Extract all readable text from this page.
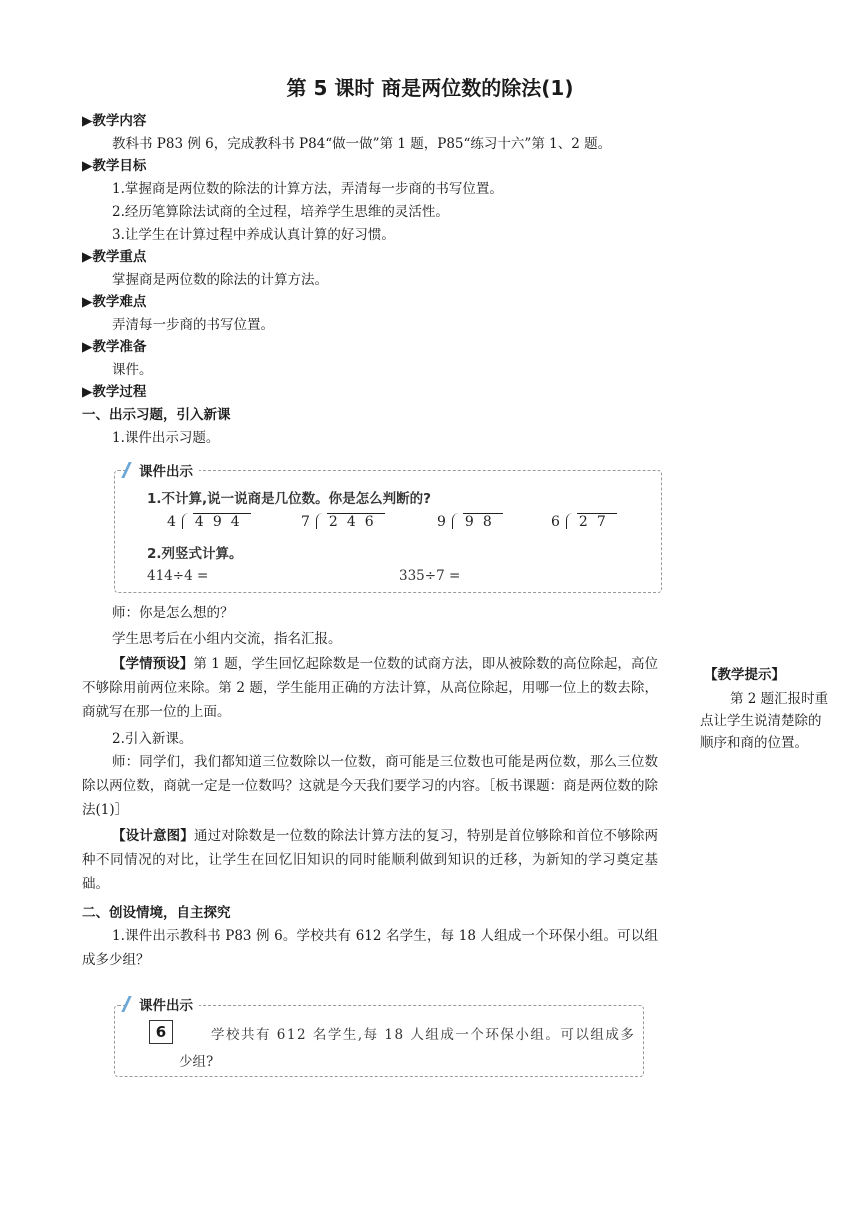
第 5 课时 商是两位数的除法(1)
▶教学内容
教科书 P83 例 6，完成教科书 P84“做一做”第 1 题，P85“练习十六”第 1、2 题。
▶教学目标
1.掌握商是两位数的除法的计算方法，弄清每一步商的书写位置。
2.经历笔算除法试商的全过程，培养学生思维的灵活性。
3.让学生在计算过程中养成认真计算的好习惯。
▶教学重点
掌握商是两位数的除法的计算方法。
▶教学难点
弄清每一步商的书写位置。
▶教学准备
课件。
▶教学过程
一、出示习题，引入新课
1.课件出示习题。
课件出示
1.不计算,说一说商是几位数。你是怎么判断的?
4 494	7 246	9 98	6 27
2.列竖式计算。
414÷4 =	335÷7 =
师：你是怎么想的？
学生思考后在小组内交流，指名汇报。
【学情预设】第 1 题，学生回忆起除数是一位数的试商方法，即从被除数的高位除起，高位不够除用前两位来除。第 2 题，学生能用正确的方法计算，从高位除起，用哪一位上的数去除，商就写在那一位的上面。
2.引入新课。
师：同学们，我们都知道三位数除以一位数，商可能是三位数也可能是两位数，那么三位数除以两位数，商就一定是一位数吗？这就是今天我们要学习的内容。［板书课题：商是两位数的除法(1)］
【设计意图】通过对除数是一位数的除法计算方法的复习，特别是首位够除和首位不够除两种不同情况的对比，让学生在回忆旧知识的同时能顺利做到知识的迁移，为新知的学习奠定基础。
二、创设情境，自主探究
1.课件出示教科书 P83 例 6。学校共有 612 名学生，每 18 人组成一个环保小组。可以组成多少组？
课件出示
6	学校共有 612 名学生,每 18 人组成一个环保小组。可以组成多
少组?
【教学提示】
第 2 题汇报时重点让学生说清楚除的顺序和商的位置。
